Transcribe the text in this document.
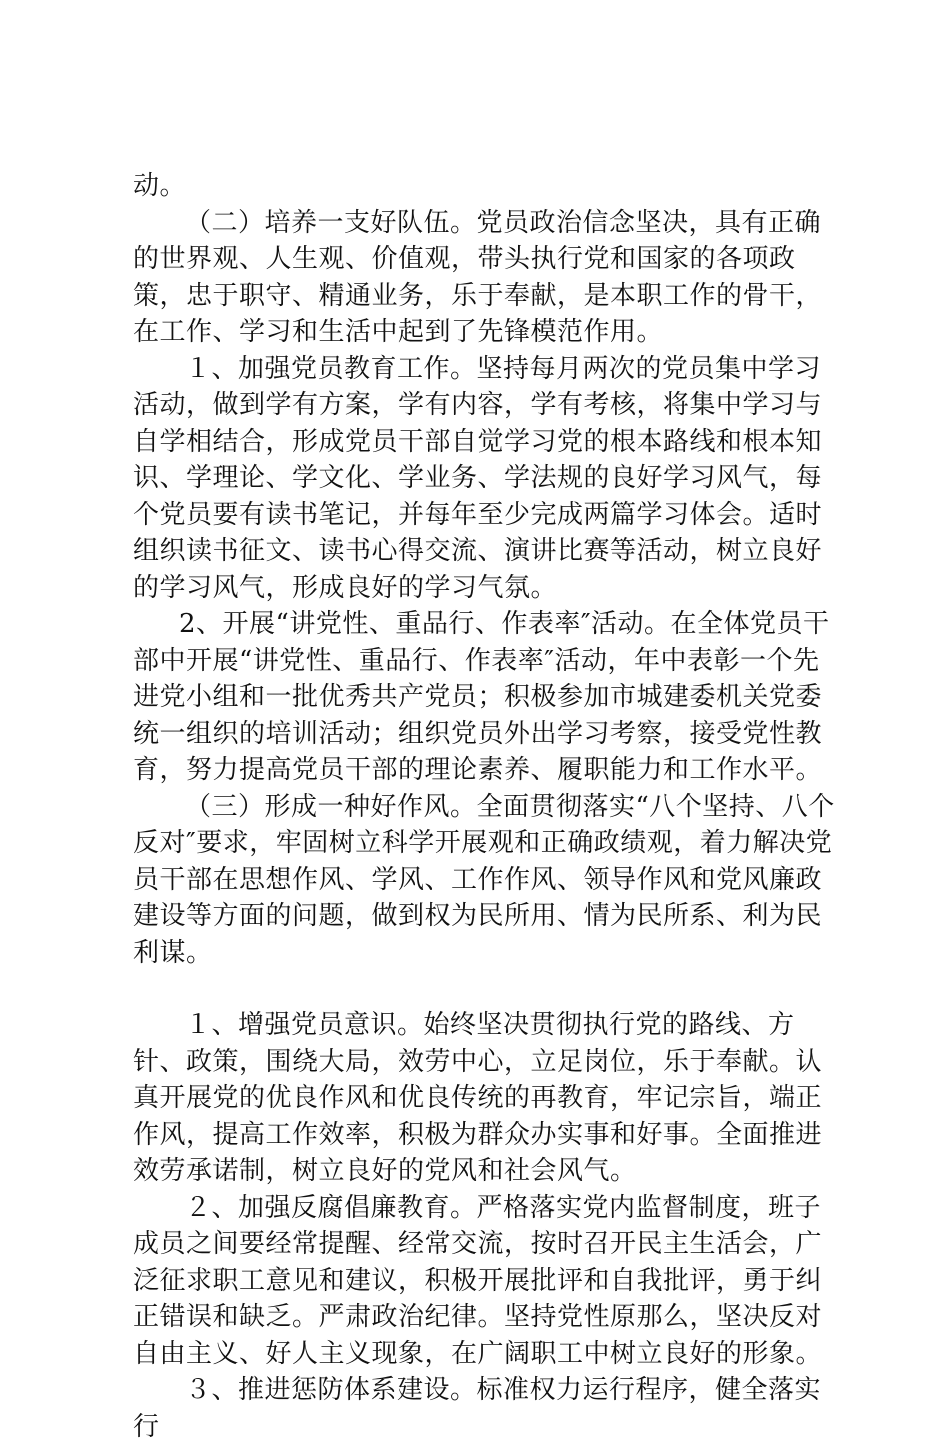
动。

（二）培养一支好队伍。党员政治信念坚决，具有正确的世界观、人生观、价值观，带头执行党和国家的各项政策，忠于职守、精通业务，乐于奉献，是本职工作的骨干，在工作、学习和生活中起到了先锋模范作用。

１、加强党员教育工作。坚持每月两次的党员集中学习活动，做到学有方案，学有内容，学有考核，将集中学习与自学相结合，形成党员干部自觉学习党的根本路线和根本知识、学理论、学文化、学业务、学法规的良好学习风气，每个党员要有读书笔记，并每年至少完成两篇学习体会。适时组织读书征文、读书心得交流、演讲比赛等活动，树立良好的学习风气，形成良好的学习气氛。

2、开展“讲党性、重品行、作表率″活动。在全体党员干部中开展“讲党性、重品行、作表率″活动，年中表彰一个先进党小组和一批优秀共产党员；积极参加市城建委机关党委统一组织的培训活动；组织党员外出学习考察，接受党性教育，努力提高党员干部的理论素养、履职能力和工作水平。

（三）形成一种好作风。全面贯彻落实“八个坚持、八个反对″要求，牢固树立科学开展观和正确政绩观，着力解决党员干部在思想作风、学风、工作作风、领导作风和党风廉政建设等方面的问题，做到权为民所用、情为民所系、利为民利谋。

１、增强党员意识。始终坚决贯彻执行党的路线、方针、政策，围绕大局，效劳中心，立足岗位，乐于奉献。认真开展党的优良作风和优良传统的再教育，牢记宗旨，端正作风，提高工作效率，积极为群众办实事和好事。全面推进效劳承诺制，树立良好的党风和社会风气。

２、加强反腐倡廉教育。严格落实党内监督制度，班子成员之间要经常提醒、经常交流，按时召开民主生活会，广泛征求职工意见和建议，积极开展批评和自我批评，勇于纠正错误和缺乏。严肃政治纪律。坚持党性原那么，坚决反对自由主义、好人主义现象，在广阔职工中树立良好的形象。

３、推进惩防体系建设。标准权力运行程序，健全落实行
